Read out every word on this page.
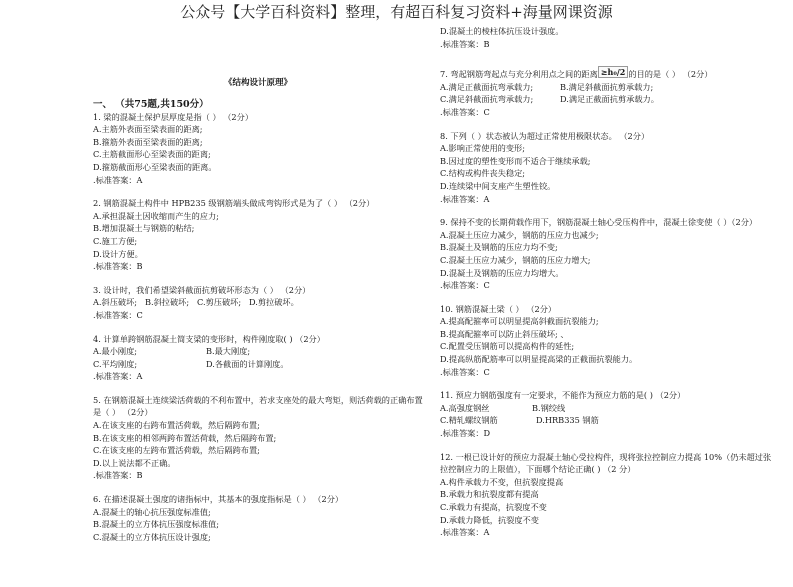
公众号【大学百科资料】整理，有超百科复习资料+海量网课资源

《结构设计原理》

一、 （共75题,共150分）

1. 梁的混凝土保护层厚度是指（ ） （2分）

A.主筋外表面至梁表面的距离;

B.箍筋外表面至梁表面的距离;

C.主筋截面形心至梁表面的距离;

D.箍筋截面形心至梁表面的距离。

.标准答案：A

2. 钢筋混凝土构件中 HPB235 级钢筋端头做成弯钩形式是为了（ ） （2分）

A.承担混凝土因收缩而产生的应力;

B.增加混凝土与钢筋的粘结;

C.施工方便;

D.设计方便。

.标准答案：B

3. 设计时，我们希望梁斜截面抗剪破坏形态为（ ） （2分）

A.斜压破坏; B.斜拉破坏; C.剪压破坏; D.剪拉破坏。

.标准答案：C

4. 计算单跨钢筋混凝土简支梁的变形时，构件刚度取( ) （2分）

A.最小刚度;	B.最大刚度;

C.平均刚度;	D.各截面的计算刚度。

.标准答案：A

5. 在钢筋混凝土连续梁活荷载的不利布置中，若求支座处的最大弯矩，则活荷载的正确布置是（ ） （2分）

A.在该支座的右跨布置活荷载，然后隔跨布置;

B.在该支座的相邻两跨布置活荷载，然后隔跨布置;

C.在该支座的左跨布置活荷载，然后隔跨布置;

D.以上说法都不正确。

.标准答案：B

6. 在描述混凝土强度的诸指标中，其基本的强度指标是（ ） （2分）

A.混凝土的轴心抗压强度标准值;

B.混凝土的立方体抗压强度标准值;

C.混凝土的立方体抗压设计强度;

D.混凝土的棱柱体抗压设计强度。

.标准答案：B

7. 弯起钢筋弯起点与充分利用点之间的距离 ≥h₀/2 的目的是（ ） （2分）

A.满足正截面抗弯承载力;	B.满足斜截面抗剪承载力;

C.满足斜截面抗弯承载力;	D.满足正截面抗剪承载力。

.标准答案：C

8. 下列（ ）状态被认为超过正常使用极限状态。 （2分）

A.影响正常使用的变形;

B.因过度的塑性变形而不适合于继续承载;

C.结构或构件丧失稳定;

D.连续梁中间支座产生塑性铰。

.标准答案：A

9. 保持不变的长期荷载作用下，钢筋混凝土轴心受压构件中，混凝土徐变使（ ）（2分）

A.混凝土压应力减少，钢筋的压应力也减少;

B.混凝土及钢筋的压应力均不变;

C.混凝土压应力减少，钢筋的压应力增大;

D.混凝土及钢筋的压应力均增大。

.标准答案：C

10. 钢筋混凝土梁（ ） （2分）

A.提高配箍率可以明显提高斜截面抗裂能力;

B.提高配箍率可以防止斜压破坏; 、

C.配置受压钢筋可以提高构件的延性;

D.提高纵筋配筋率可以明显提高梁的正截面抗裂能力。

.标准答案：C

11. 预应力钢筋强度有一定要求，不能作为预应力筋的是( ) （2分）

A.高强度钢丝	B.钢绞线

C.精轧螺纹钢筋	D.HRB335 钢筋

.标准答案：D

12. 一根已设计好的预应力混凝土轴心受拉构件，现将张拉控制应力提高 10%（仍未超过张拉控制应力的上限值），下面哪个结论正确( ) （2 分）

A.构件承载力不变，但抗裂度提高

B.承载力和抗裂度都有提高

C.承载力有提高，抗裂度不变

D.承载力降低，抗裂度不变

.标准答案：A
